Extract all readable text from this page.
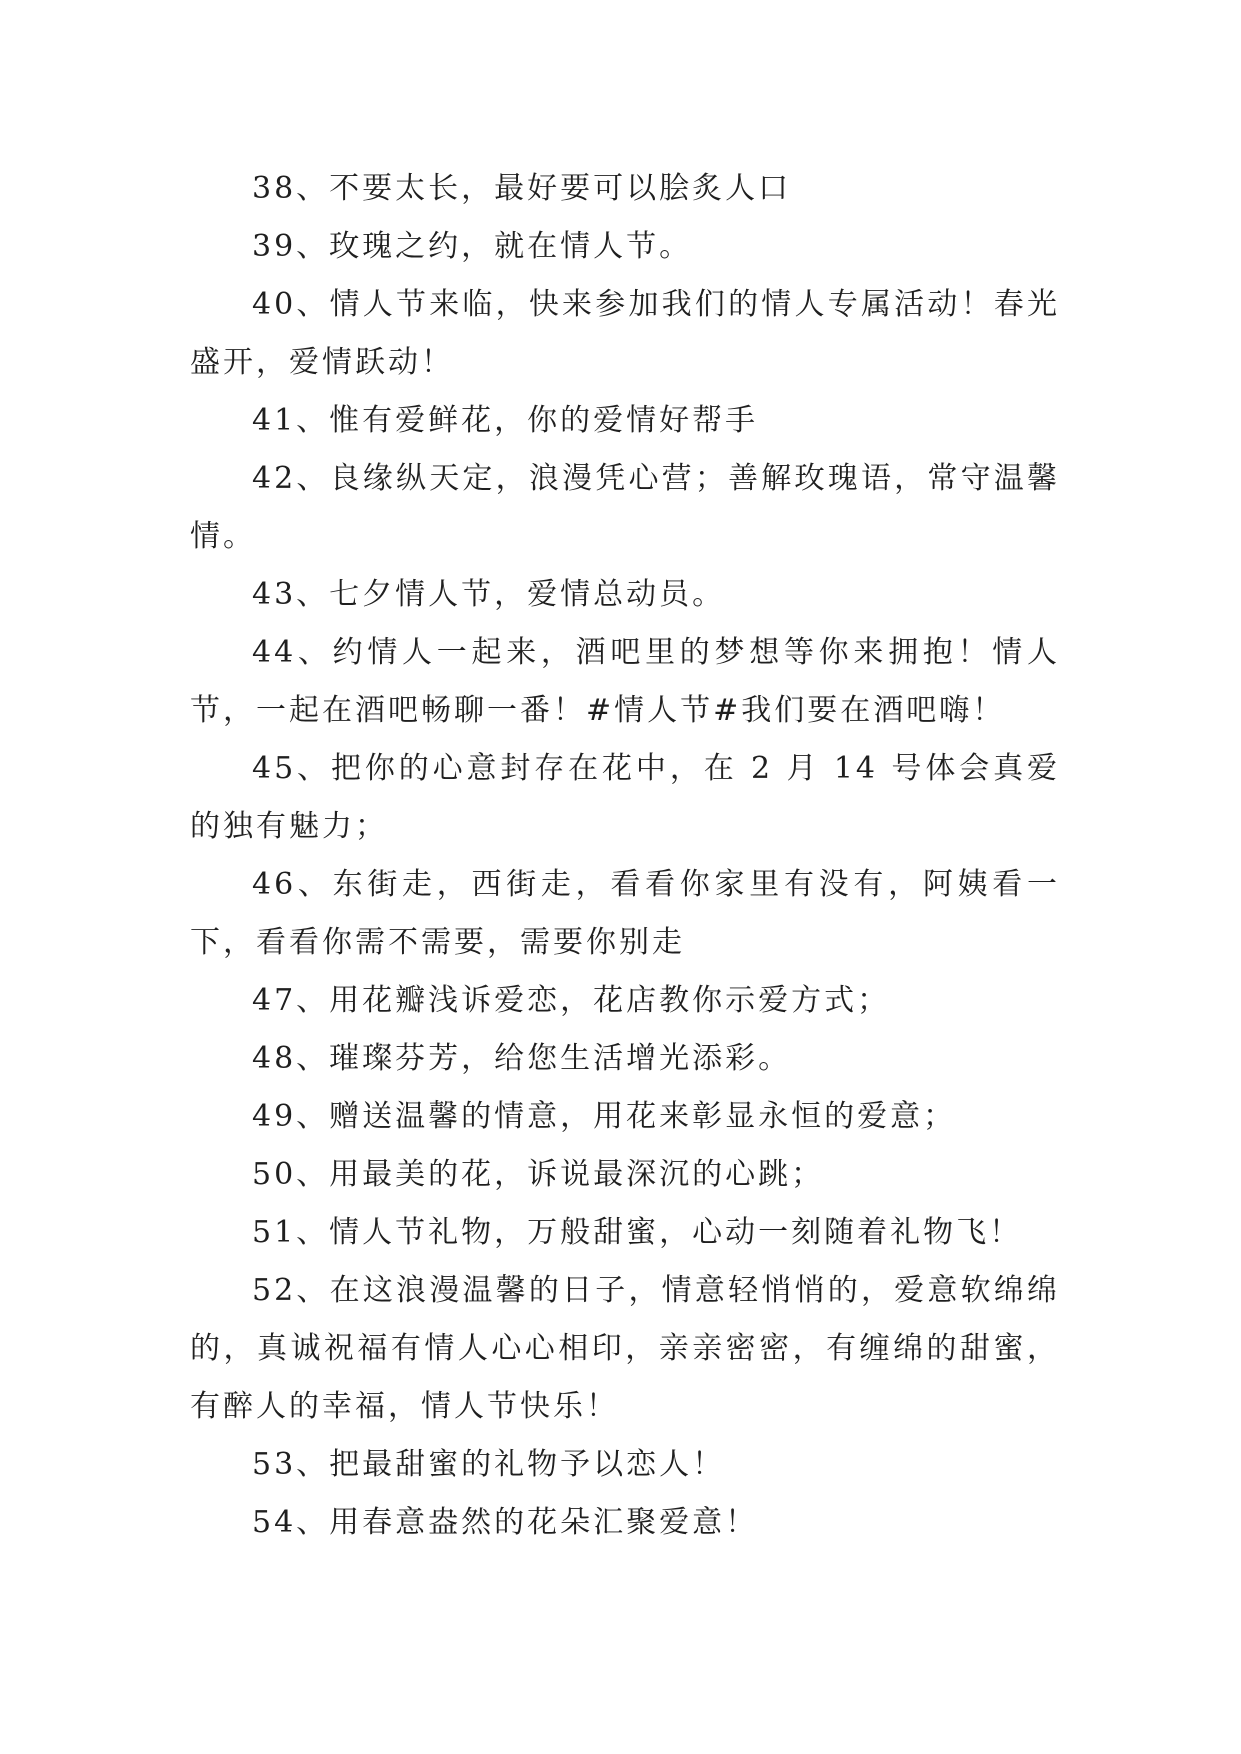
38、不要太长，最好要可以脍炙人口

39、玫瑰之约，就在情人节。

40、情人节来临，快来参加我们的情人专属活动！春光盛开，爱情跃动！

41、惟有爱鲜花，你的爱情好帮手

42、良缘纵天定，浪漫凭心营；善解玫瑰语，常守温馨情。

43、七夕情人节，爱情总动员。

44、约情人一起来，酒吧里的梦想等你来拥抱！情人节，一起在酒吧畅聊一番！#情人节#我们要在酒吧嗨！

45、把你的心意封存在花中，在 2 月 14 号体会真爱的独有魅力；

46、东街走，西街走，看看你家里有没有，阿姨看一下，看看你需不需要，需要你别走

47、用花瓣浅诉爱恋，花店教你示爱方式；

48、璀璨芬芳，给您生活增光添彩。

49、赠送温馨的情意，用花来彰显永恒的爱意；

50、用最美的花，诉说最深沉的心跳；

51、情人节礼物，万般甜蜜，心动一刻随着礼物飞！

52、在这浪漫温馨的日子，情意轻悄悄的，爱意软绵绵的，真诚祝福有情人心心相印，亲亲密密，有缠绵的甜蜜，有醉人的幸福，情人节快乐！

53、把最甜蜜的礼物予以恋人！

54、用春意盎然的花朵汇聚爱意！
